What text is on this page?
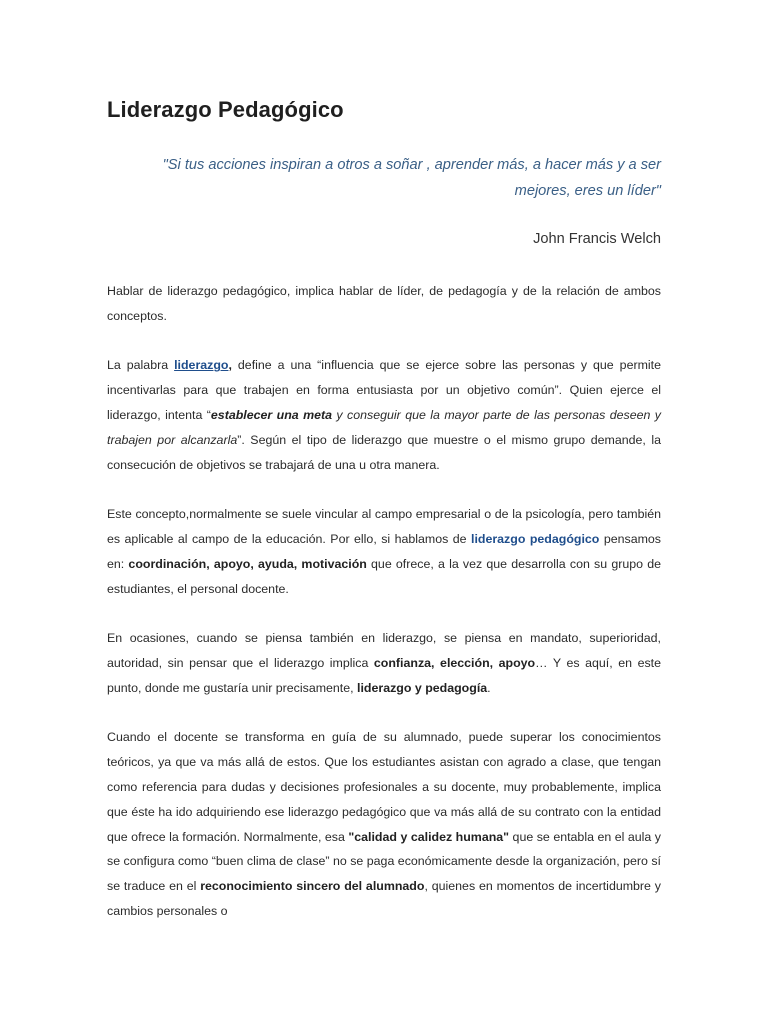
Liderazgo Pedagógico

"Si tus acciones inspiran a otros a soñar , aprender más, a hacer más y a ser mejores, eres un líder"

John Francis Welch

Hablar de liderazgo pedagógico, implica hablar de líder, de pedagogía y de la relación de ambos conceptos.

La palabra liderazgo, define a una “influencia que se ejerce sobre las personas y que permite incentivarlas para que trabajen en forma entusiasta por un objetivo común”. Quien ejerce el liderazgo, intenta “establecer una meta y conseguir que la mayor parte de las personas deseen y trabajen por alcanzarla”. Según el tipo de liderazgo que muestre o el mismo grupo demande, la consecución de objetivos se trabajará de una u otra manera.

Este concepto,normalmente se suele vincular al campo empresarial o de la psicología, pero también es aplicable al campo de la educación. Por ello, si hablamos de liderazgo pedagógico pensamos en: coordinación, apoyo, ayuda, motivación que ofrece, a la vez que desarrolla con su grupo de estudiantes, el personal docente.

En ocasiones, cuando se piensa también en liderazgo, se piensa en mandato, superioridad, autoridad, sin pensar que el liderazgo implica confianza, elección, apoyo… Y es aquí, en este punto, donde me gustaría unir precisamente, liderazgo y pedagogía.

Cuando el docente se transforma en guía de su alumnado, puede superar los conocimientos teóricos, ya que va más allá de estos. Que los estudiantes asistan con agrado a clase, que tengan como referencia para dudas y decisiones profesionales a su docente, muy probablemente, implica que éste ha ido adquiriendo ese liderazgo pedagógico que va más allá de su contrato con la entidad que ofrece la formación. Normalmente, esa "calidad y calidez humana" que se entabla en el aula y se configura como “buen clima de clase” no se paga económicamente desde la organización, pero sí se traduce en el reconocimiento sincero del alumnado, quienes en momentos de incertidumbre y cambios personales o
